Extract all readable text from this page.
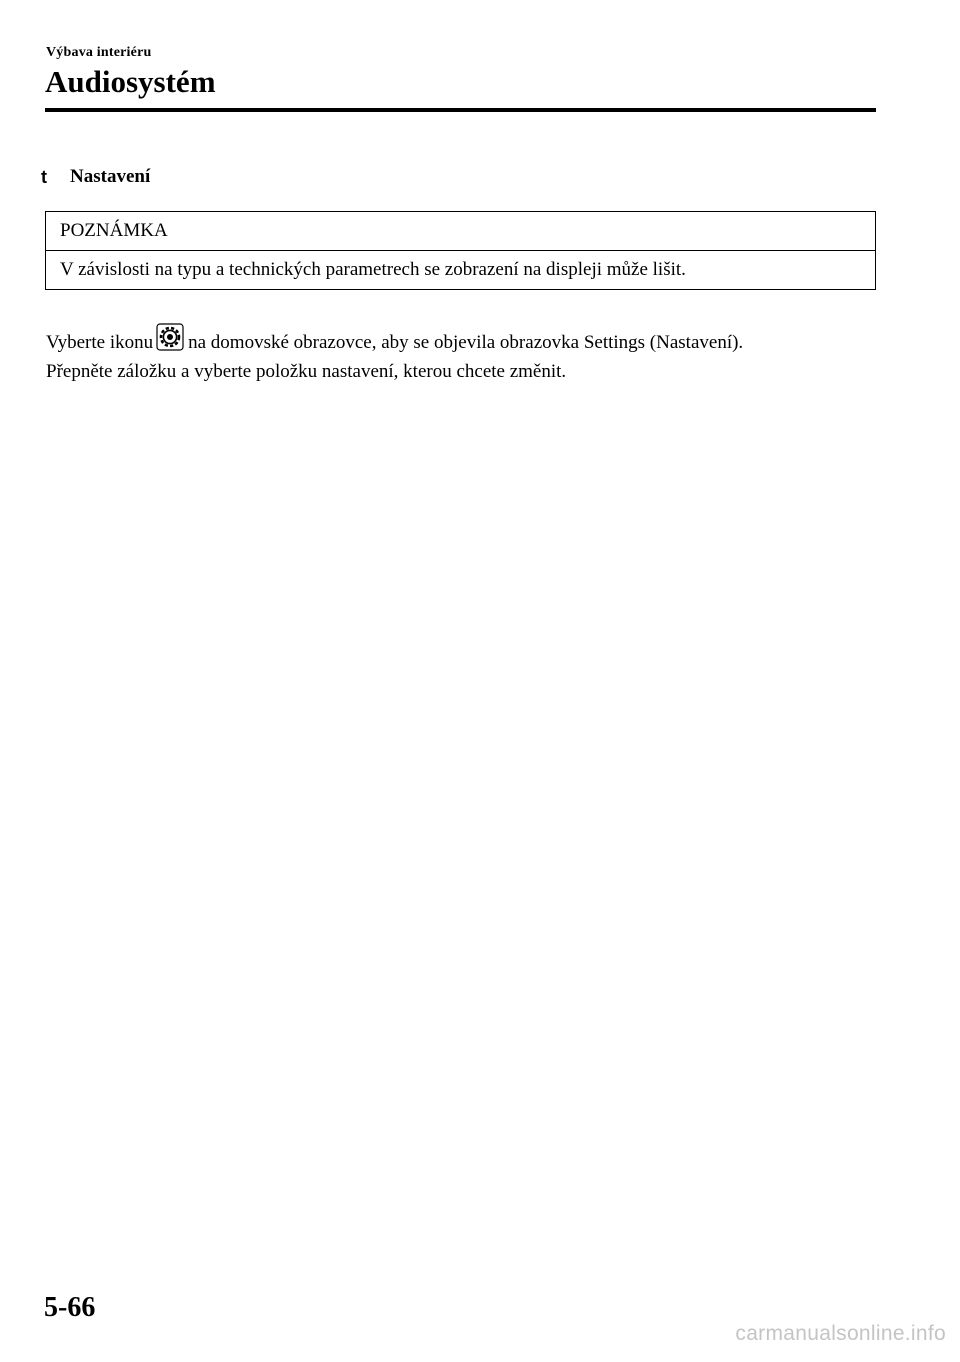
Výbava interiéru
Audiosystém
t	Nastavení
POZNÁMKA
V závislosti na typu a technických parametrech se zobrazení na displeji může lišit.
Vyberte ikonu na domovské obrazovce, aby se objevila obrazovka Settings (Nastavení).
Přepněte záložku a vyberte položku nastavení, kterou chcete změnit.
5-66
carmanualsonline.info
